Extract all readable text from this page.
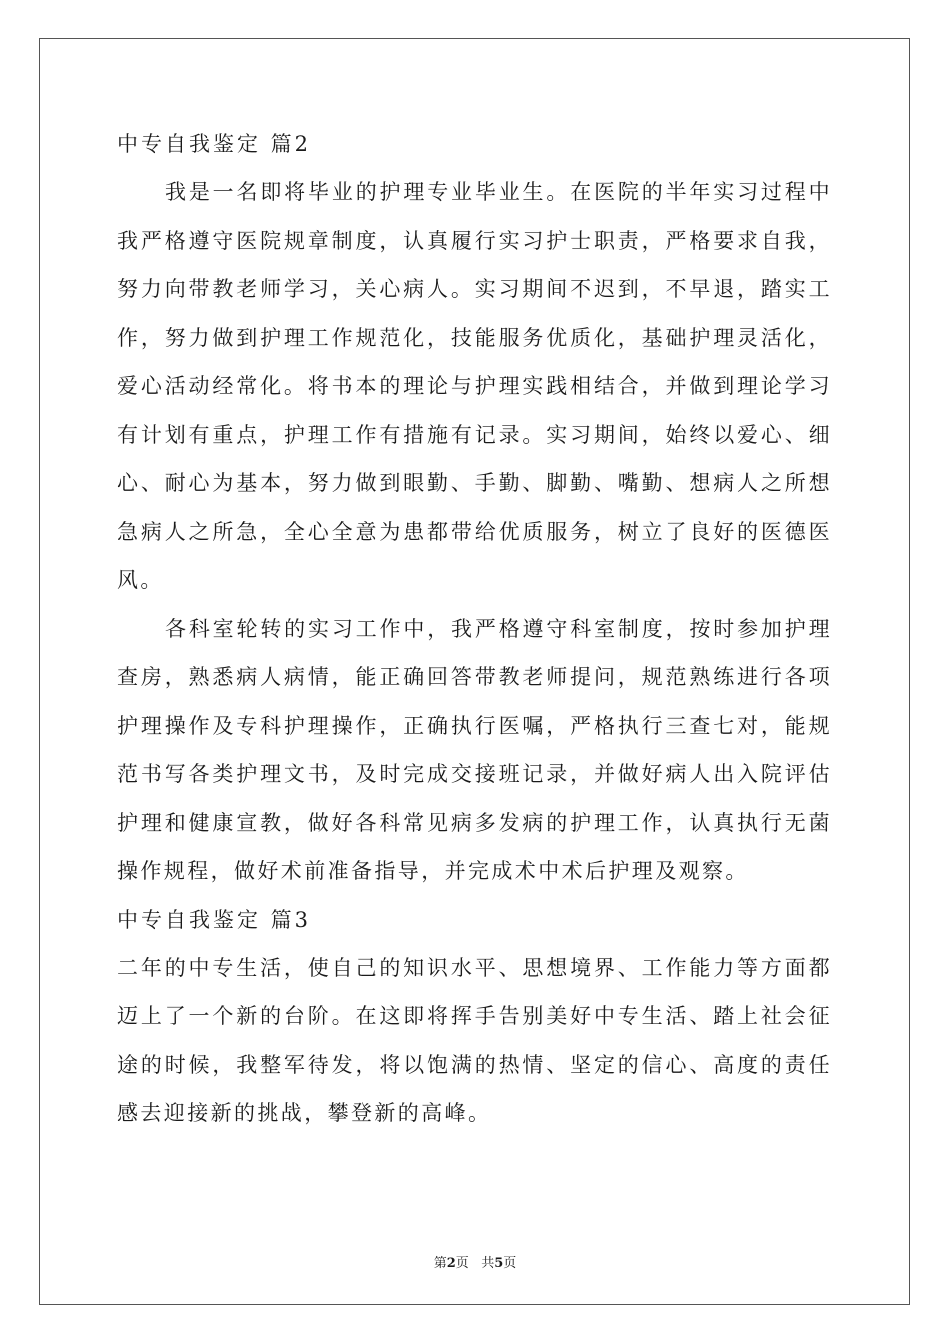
中专自我鉴定 篇2

我是一名即将毕业的护理专业毕业生。在医院的半年实习过程中我严格遵守医院规章制度，认真履行实习护士职责，严格要求自我，努力向带教老师学习，关心病人。实习期间不迟到，不早退，踏实工作，努力做到护理工作规范化，技能服务优质化，基础护理灵活化，爱心活动经常化。将书本的理论与护理实践相结合，并做到理论学习有计划有重点，护理工作有措施有记录。实习期间，始终以爱心、细心、耐心为基本，努力做到眼勤、手勤、脚勤、嘴勤、想病人之所想急病人之所急，全心全意为患都带给优质服务，树立了良好的医德医风。

各科室轮转的实习工作中，我严格遵守科室制度，按时参加护理查房，熟悉病人病情，能正确回答带教老师提问，规范熟练进行各项护理操作及专科护理操作，正确执行医嘱，严格执行三查七对，能规范书写各类护理文书，及时完成交接班记录，并做好病人出入院评估护理和健康宣教，做好各科常见病多发病的护理工作，认真执行无菌操作规程，做好术前准备指导，并完成术中术后护理及观察。

中专自我鉴定 篇3

二年的中专生活，使自己的知识水平、思想境界、工作能力等方面都迈上了一个新的台阶。在这即将挥手告别美好中专生活、踏上社会征途的时候，我整军待发，将以饱满的热情、坚定的信心、高度的责任感去迎接新的挑战，攀登新的高峰。

第2页 共5页
